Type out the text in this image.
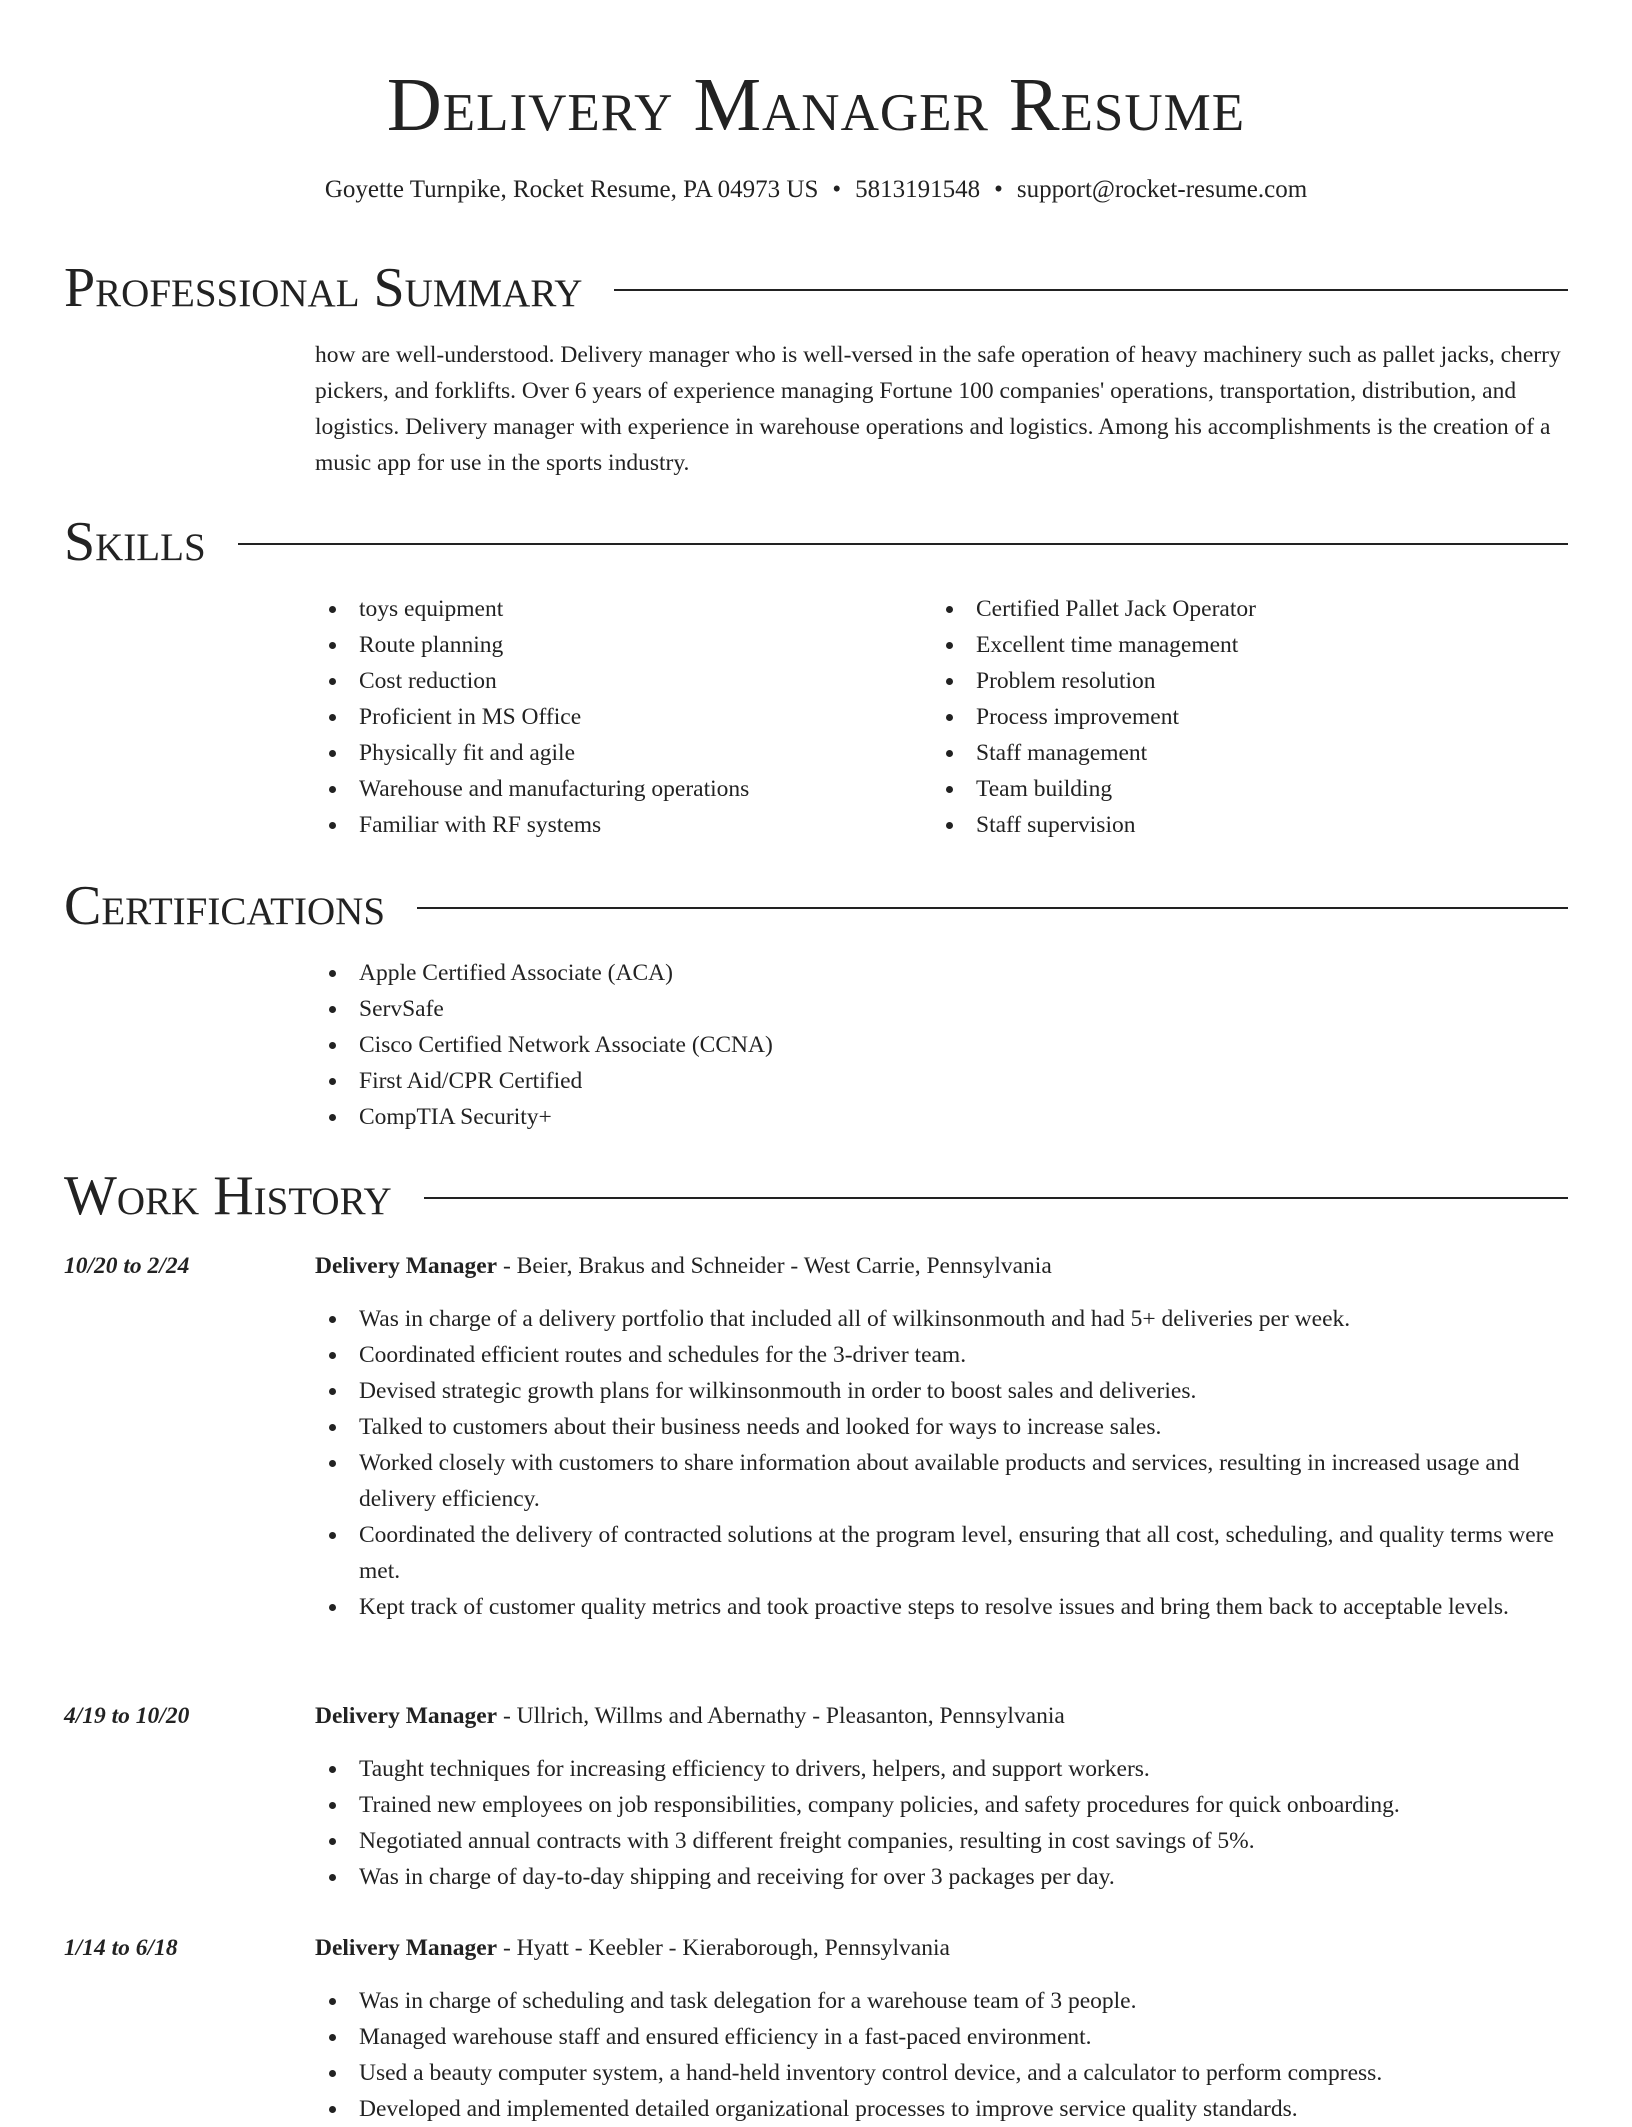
Delivery Manager Resume
Goyette Turnpike, Rocket Resume, PA 04973 US • 5813191548 • support@rocket-resume.com
Professional Summary
how are well-understood. Delivery manager who is well-versed in the safe operation of heavy machinery such as pallet jacks, cherry pickers, and forklifts. Over 6 years of experience managing Fortune 100 companies' operations, transportation, distribution, and logistics. Delivery manager with experience in warehouse operations and logistics. Among his accomplishments is the creation of a music app for use in the sports industry.
Skills
toys equipment
Route planning
Cost reduction
Proficient in MS Office
Physically fit and agile
Warehouse and manufacturing operations
Familiar with RF systems
Certified Pallet Jack Operator
Excellent time management
Problem resolution
Process improvement
Staff management
Team building
Staff supervision
Certifications
Apple Certified Associate (ACA)
ServSafe
Cisco Certified Network Associate (CCNA)
First Aid/CPR Certified
CompTIA Security+
Work History
10/20 to 2/24	Delivery Manager - Beier, Brakus and Schneider - West Carrie, Pennsylvania
Was in charge of a delivery portfolio that included all of wilkinsonmouth and had 5+ deliveries per week.
Coordinated efficient routes and schedules for the 3-driver team.
Devised strategic growth plans for wilkinsonmouth in order to boost sales and deliveries.
Talked to customers about their business needs and looked for ways to increase sales.
Worked closely with customers to share information about available products and services, resulting in increased usage and delivery efficiency.
Coordinated the delivery of contracted solutions at the program level, ensuring that all cost, scheduling, and quality terms were met.
Kept track of customer quality metrics and took proactive steps to resolve issues and bring them back to acceptable levels.
4/19 to 10/20	Delivery Manager - Ullrich, Willms and Abernathy - Pleasanton, Pennsylvania
Taught techniques for increasing efficiency to drivers, helpers, and support workers.
Trained new employees on job responsibilities, company policies, and safety procedures for quick onboarding.
Negotiated annual contracts with 3 different freight companies, resulting in cost savings of 5%.
Was in charge of day-to-day shipping and receiving for over 3 packages per day.
1/14 to 6/18	Delivery Manager - Hyatt - Keebler - Kieraborough, Pennsylvania
Was in charge of scheduling and task delegation for a warehouse team of 3 people.
Managed warehouse staff and ensured efficiency in a fast-paced environment.
Used a beauty computer system, a hand-held inventory control device, and a calculator to perform compress.
Developed and implemented detailed organizational processes to improve service quality standards.
